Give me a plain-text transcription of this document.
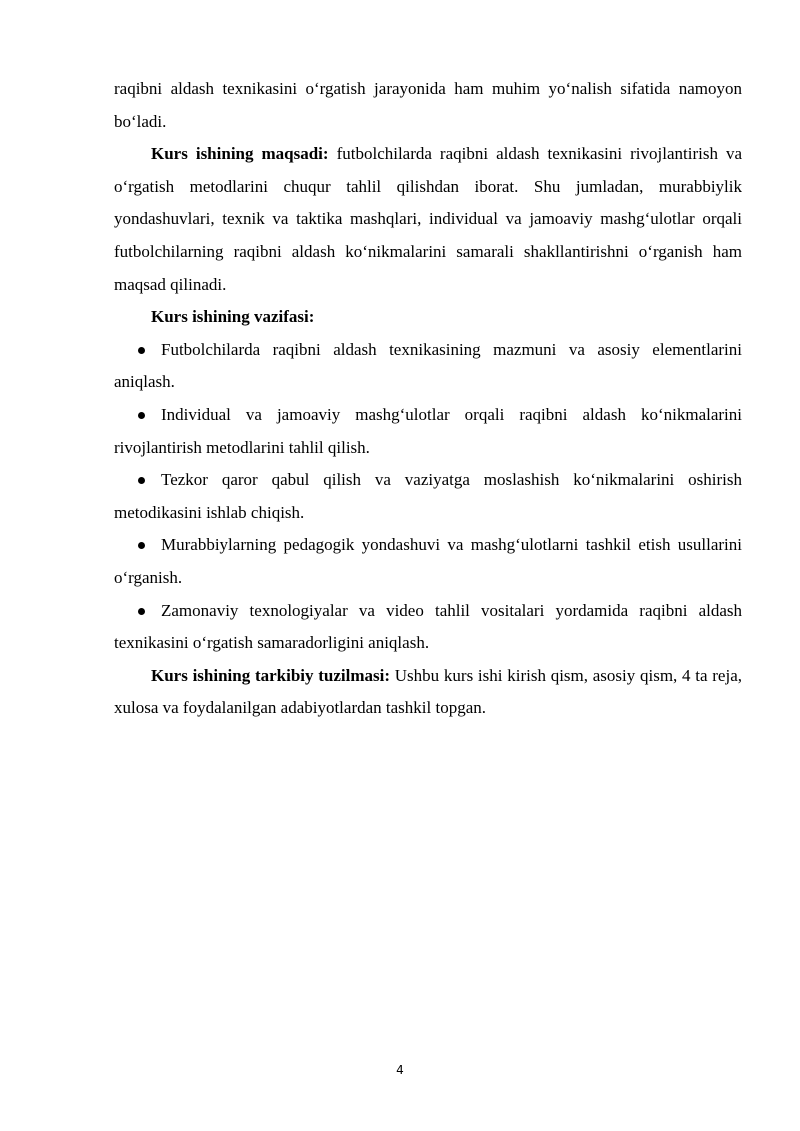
raqibni aldash texnikasini o‘rgatish jarayonida ham muhim yo‘nalish sifatida namoyon bo‘ladi.

Kurs ishining maqsadi: futbolchilarda raqibni aldash texnikasini rivojlantirish va o‘rgatish metodlarini chuqur tahlil qilishdan iborat. Shu jumladan, murabbiylik yondashuvlari, texnik va taktika mashqlari, individual va jamoaviy mashg‘ulotlar orqali futbolchilarning raqibni aldash ko‘nikmalarini samarali shakllantirishni o‘rganish ham maqsad qilinadi.

Kurs ishining vazifasi:

Futbolchilarda raqibni aldash texnikasining mazmuni va asosiy elementlarini aniqlash.

Individual va jamoaviy mashg‘ulotlar orqali raqibni aldash ko‘nikmalarini rivojlantirish metodlarini tahlil qilish.

Tezkor qaror qabul qilish va vaziyatga moslashish ko‘nikmalarini oshirish metodikasini ishlab chiqish.

Murabbiylarning pedagogik yondashuvi va mashg‘ulotlarni tashkil etish usullarini o‘rganish.

Zamonaviy texnologiyalar va video tahlil vositalari yordamida raqibni aldash texnikasini o‘rgatish samaradorligini aniqlash.

Kurs ishining tarkibiy tuzilmasi: Ushbu kurs ishi kirish qism, asosiy qism, 4 ta reja, xulosa va foydalanilgan adabiyotlardan tashkil topgan.

4
